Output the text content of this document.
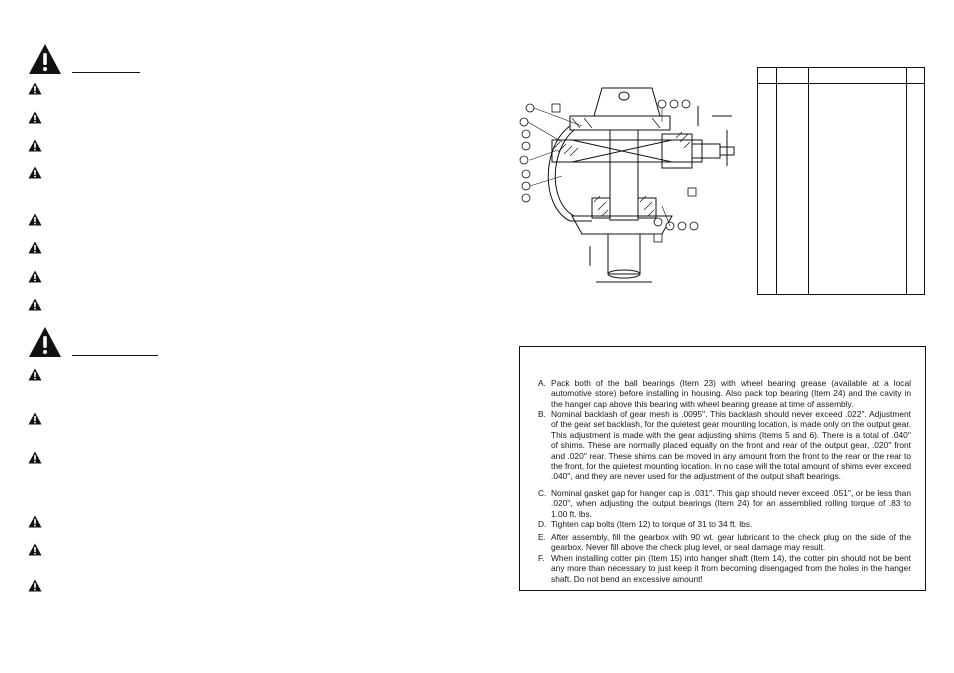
A. Pack both of the ball bearings (Item 23) with wheel bearing grease (available at a local automotive store) before installing in housing. Also pack top bearing (Item 24) and the cavity in the hanger cap above this bearing with wheel bearing grease at time of assembly.
B. Nominal backlash of gear mesh is .0095''. This backlash should never exceed .022''. Adjustment of the gear set backlash, for the quietest gear mounting location, is made only on the output gear. This adjustment is made with the gear adjusting shims (Items 5 and 6). There is a total of .040'' of shims. These are normally placed equally on the front and rear of the output gear, .020'' front and .020'' rear. These shims can be moved in any amount from the front to the rear or the rear to the front, for the quietest mounting location. In no case will the total amount of shims ever exceed .040'', and they are never used for the adjustment of the output shaft bearings.
C. Nominal gasket gap for hanger cap is .031''. This gap should never exceed .051'', or be less than .020'', when adjusting the output bearings (Item 24) for an assemblied rolling torque of .83 to 1.00 ft. lbs.
D. Tighten cap bolts (Item 12) to torque of 31 to 34 ft. lbs.
E. After assembly, fill the gearbox with 90 wt. gear lubricant to the check plug on the side of the gearbox. Never fill above the check plug level, or seal damage may result.
F. When installing cotter pin (Item 15) into hanger shaft (Item 14), the cotter pin should not be bent any more than necessary to just keep it from becoming disengaged from the holes in the hanger shaft. Do not bend an excessive amount!
